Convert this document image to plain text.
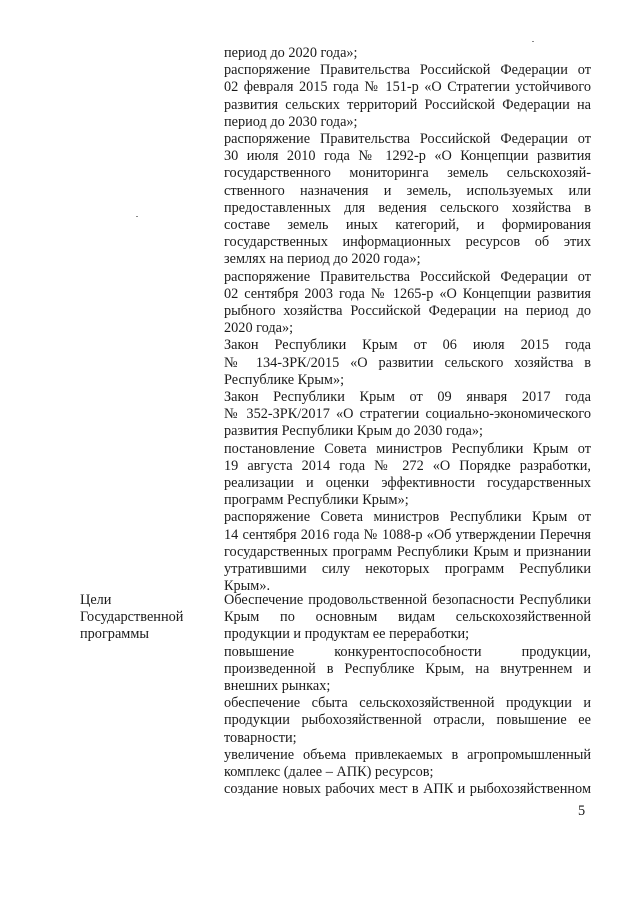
период до 2020 года»;

распоряжение Правительства Российской Федерации от

02 февраля 2015 года № 151-р «О Стратегии устойчивого

развития сельских территорий Российской Федерации на

период до 2030 года»;

распоряжение Правительства Российской Федерации от

30 июля 2010 года № 1292-р «О Концепции развития

государственного мониторинга земель сельскохозяй-

ственного назначения и земель, используемых или

предоставленных для ведения сельского хозяйства в

составе земель иных категорий, и формирования

государственных информационных ресурсов об этих

землях на период до 2020 года»;

распоряжение Правительства Российской Федерации от

02 сентября 2003 года № 1265-р «О Концепции развития

рыбного хозяйства Российской Федерации на период до

2020 года»;

Закон Республики Крым от 06 июля 2015 года

№ 134-ЗРК/2015 «О развитии сельского хозяйства в

Республике Крым»;

Закон Республики Крым от 09 января 2017 года

№ 352-ЗРК/2017 «О стратегии социально-экономического

развития Республики Крым до 2030 года»;

постановление Совета министров Республики Крым от

19 августа 2014 года № 272 «О Порядке разработки,

реализации и оценки эффективности государственных

программ Республики Крым»;

распоряжение Совета министров Республики Крым от

14 сентября 2016 года № 1088-р «Об утверждении Перечня

государственных программ Республики Крым и признании

утратившими силу некоторых программ Республики

Крым».

Цели
Государственной
программы

Обеспечение продовольственной безопасности Республики

Крым по основным видам сельскохозяйственной

продукции и продуктам ее переработки;

повышение конкурентоспособности продукции,

произведенной в Республике Крым, на внутреннем и

внешних рынках;

обеспечение сбыта сельскохозяйственной продукции и

продукции рыбохозяйственной отрасли, повышение ее

товарности;

увеличение объема привлекаемых в агропромышленный

комплекс (далее – АПК) ресурсов;

создание новых рабочих мест в АПК и рыбохозяйственном

5
